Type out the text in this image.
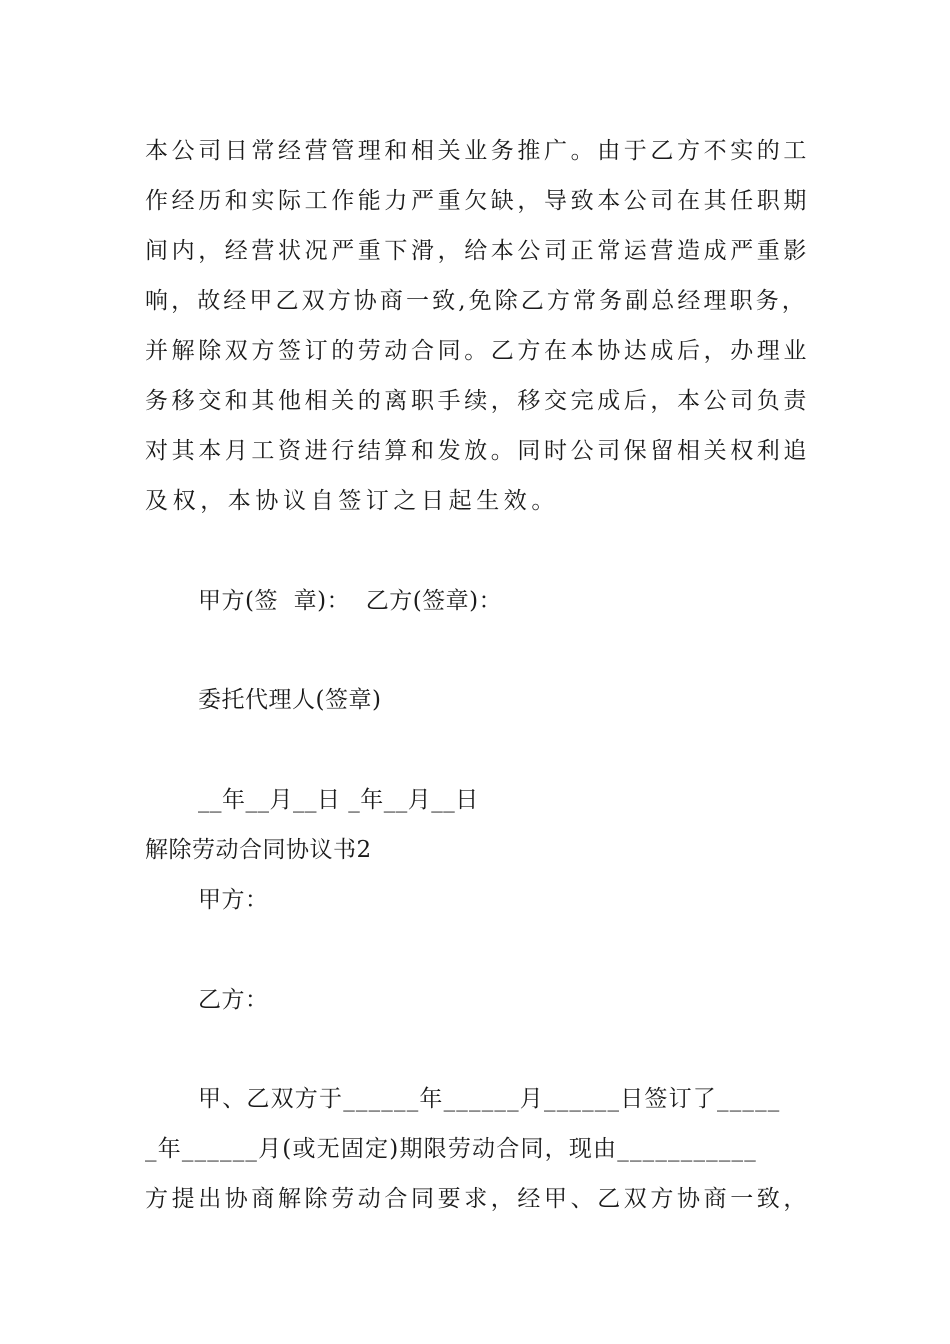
本公司日常经营管理和相关业务推广。由于乙方不实的工
作经历和实际工作能力严重欠缺，导致本公司在其任职期
间内，经营状况严重下滑，给本公司正常运营造成严重影
响，故经甲乙双方协商一致,免除乙方常务副总经理职务，
并解除双方签订的劳动合同。乙方在本协达成后，办理业
务移交和其他相关的离职手续，移交完成后，本公司负责
对其本月工资进行结算和发放。同时公司保留相关权利追
及权，本协议自签订之日起生效。
甲方(签  章)：  乙方(签章)：
委托代理人(签章)
__年__月__日 _年__月__日
解除劳动合同协议书2
甲方：
乙方：
甲、乙双方于______年______月______日签订了_____
_年______月(或无固定)期限劳动合同，现由___________
方提出协商解除劳动合同要求，经甲、乙双方协商一致，
